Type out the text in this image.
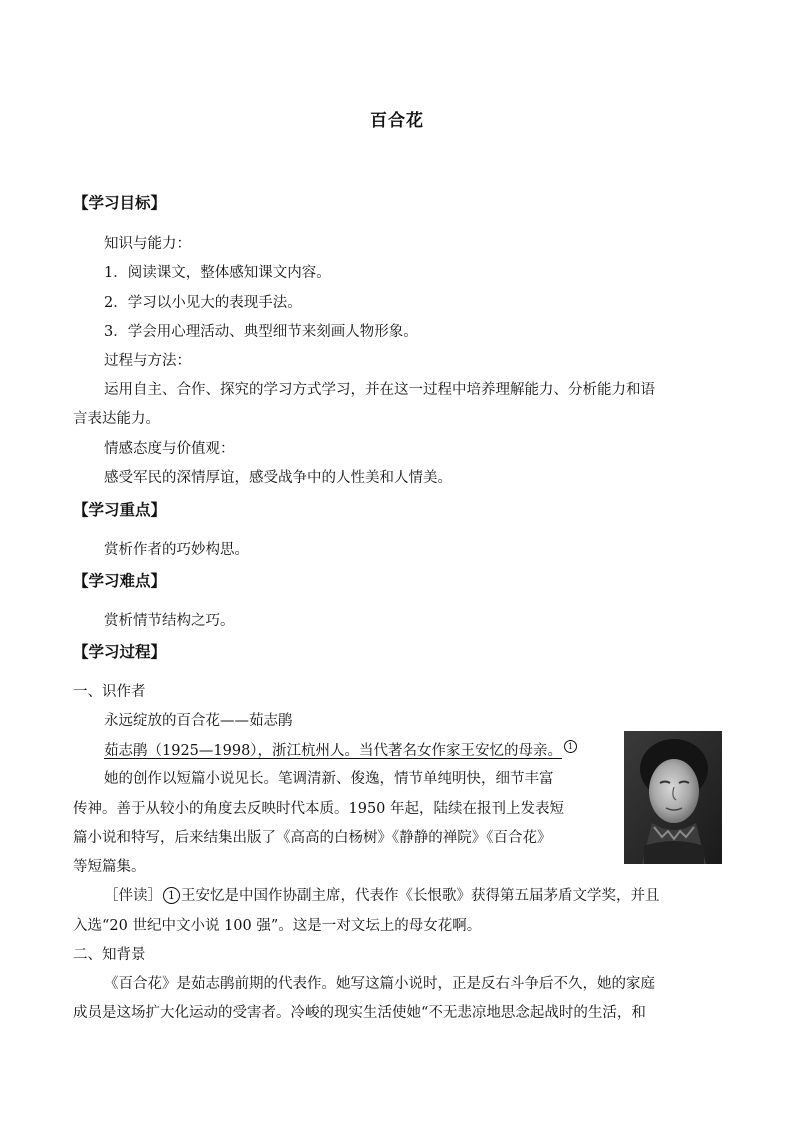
百合花
【学习目标】
知识与能力：
1．阅读课文，整体感知课文内容。
2．学习以小见大的表现手法。
3．学会用心理活动、典型细节来刻画人物形象。
过程与方法：
运用自主、合作、探究的学习方式学习，并在这一过程中培养理解能力、分析能力和语
言表达能力。
情感态度与价值观：
感受军民的深情厚谊，感受战争中的人性美和人情美。
【学习重点】
赏析作者的巧妙构思。
【学习难点】
赏析情节结构之巧。
【学习过程】
一、识作者
永远绽放的百合花——茹志鹃
茹志鹃（1925—1998），浙江杭州人。当代著名女作家王安忆的母亲。 1
她的创作以短篇小说见长。笔调清新、俊逸，情节单纯明快，细节丰富
传神。善于从较小的角度去反映时代本质。1950 年起，陆续在报刊上发表短
篇小说和特写，后来结集出版了《高高的白杨树》《静静的禅院》《百合花》
等短篇集。
［伴读］ 1 王安忆是中国作协副主席，代表作《长恨歌》获得第五届茅盾文学奖，并且
入选“20 世纪中文小说 100 强”。这是一对文坛上的母女花啊。
二、知背景
《百合花》是茹志鹃前期的代表作。她写这篇小说时，正是反右斗争后不久，她的家庭
成员是这场扩大化运动的受害者。冷峻的现实生活使她“不无悲凉地思念起战时的生活，和
